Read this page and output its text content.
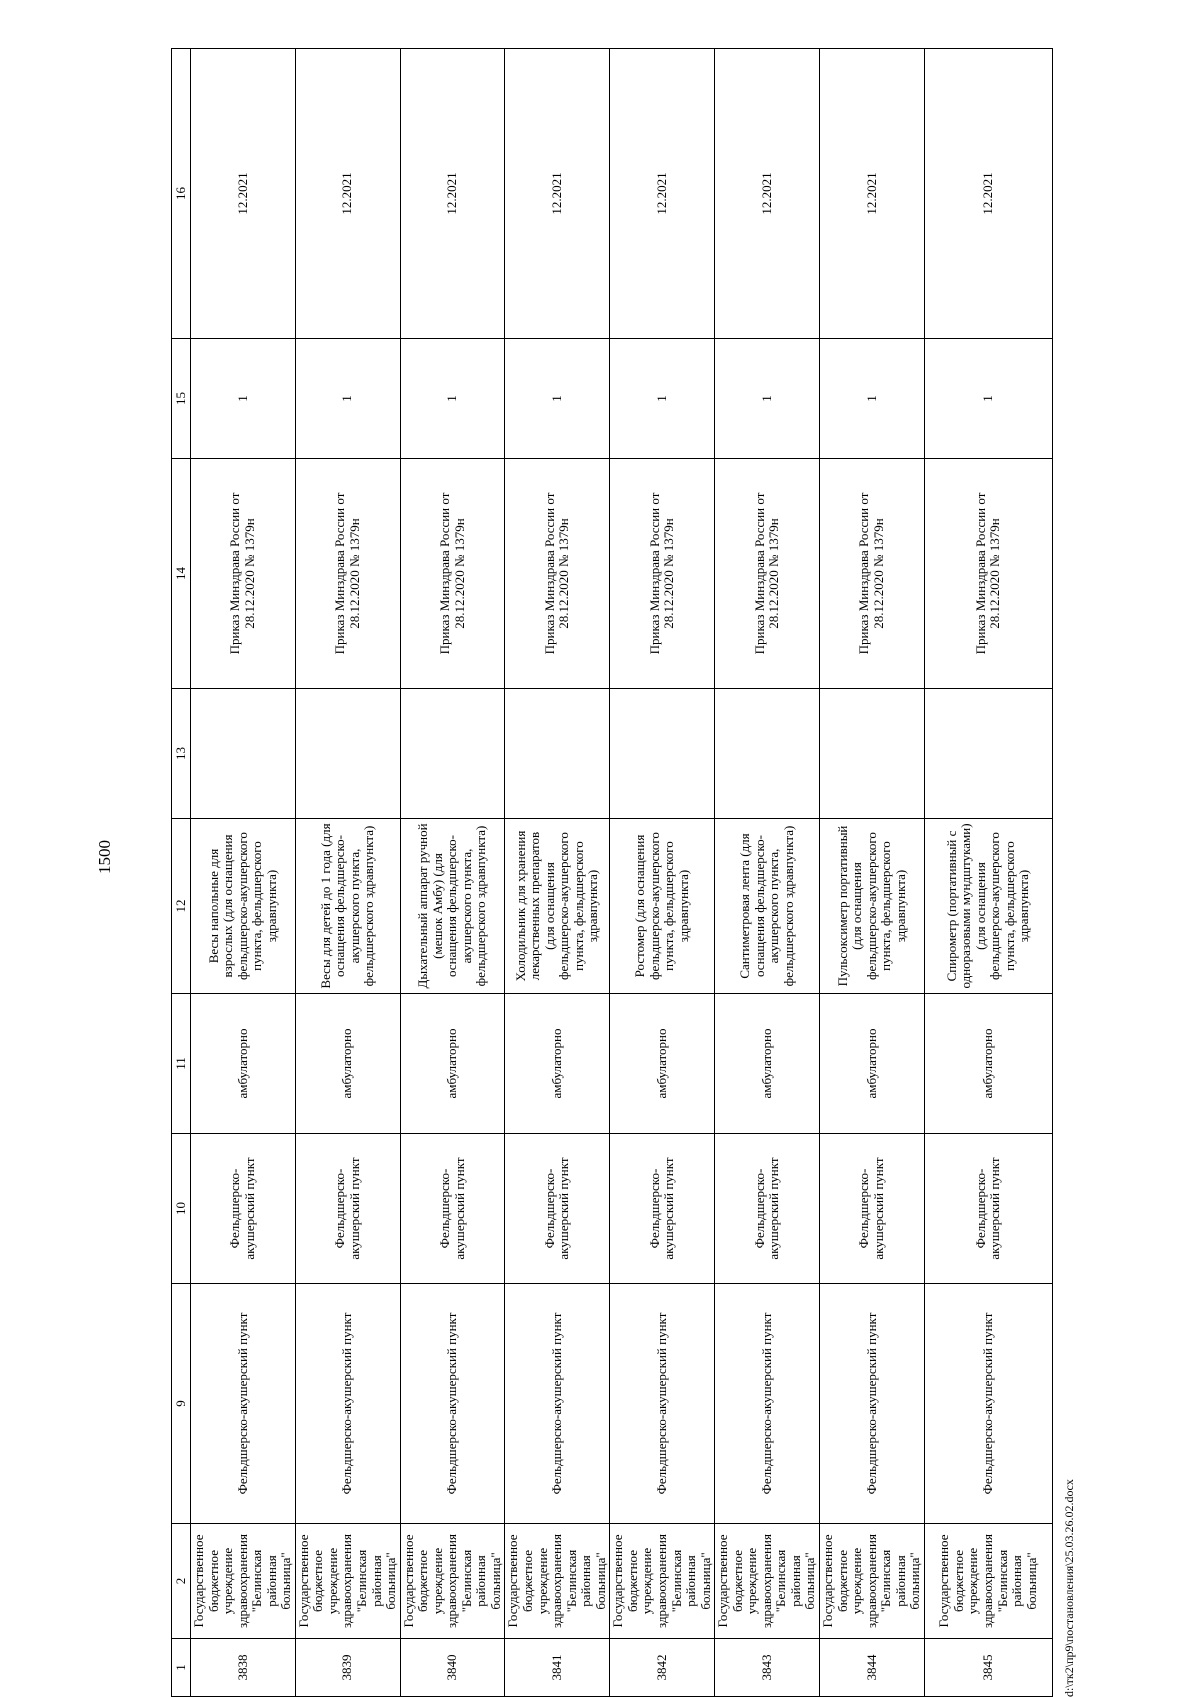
1500
1	2	9	10	11	12	13	14	15	16
3838	Государственное бюджетное учреждение здравоохранения "Белинская районная больница"	Фельдшерско-акушерский пункт	Фельдшерско-акушерский пункт	амбулаторно	Весы напольные для взрослых (для оснащения фельдшерско-акушерского пункта, фельдшерского здравпункта)		Приказ Минздрава России от 28.12.2020 № 1379н	1	12.2021
3839	Государственное бюджетное учреждение здравоохранения "Белинская районная больница"	Фельдшерско-акушерский пункт	Фельдшерско-акушерский пункт	амбулаторно	Весы для детей до 1 года (для оснащения фельдшерско-акушерского пункта, фельдшерского здравпункта)		Приказ Минздрава России от 28.12.2020 № 1379н	1	12.2021
3840	Государственное бюджетное учреждение здравоохранения "Белинская районная больница"	Фельдшерско-акушерский пункт	Фельдшерско-акушерский пункт	амбулаторно	Дыхательный аппарат ручной (мешок Амбу) (для оснащения фельдшерско-акушерского пункта, фельдшерского здравпункта)		Приказ Минздрава России от 28.12.2020 № 1379н	1	12.2021
3841	Государственное бюджетное учреждение здравоохранения "Белинская районная больница"	Фельдшерско-акушерский пункт	Фельдшерско-акушерский пункт	амбулаторно	Холодильник для хранения лекарственных препаратов (для оснащения фельдшерско-акушерского пункта, фельдшерского здравпункта)		Приказ Минздрава России от 28.12.2020 № 1379н	1	12.2021
3842	Государственное бюджетное учреждение здравоохранения "Белинская районная больница"	Фельдшерско-акушерский пункт	Фельдшерско-акушерский пункт	амбулаторно	Ростомер (для оснащения фельдшерско-акушерского пункта, фельдшерского здравпункта)		Приказ Минздрава России от 28.12.2020 № 1379н	1	12.2021
3843	Государственное бюджетное учреждение здравоохранения "Белинская районная больница"	Фельдшерско-акушерский пункт	Фельдшерско-акушерский пункт	амбулаторно	Сантиметровая лента (для оснащения фельдшерско-акушерского пункта, фельдшерского здравпункта)		Приказ Минздрава России от 28.12.2020 № 1379н	1	12.2021
3844	Государственное бюджетное учреждение здравоохранения "Белинская районная больница"	Фельдшерско-акушерский пункт	Фельдшерско-акушерский пункт	амбулаторно	Пульсоксиметр портативный (для оснащения фельдшерско-акушерского пункта, фельдшерского здравпункта)		Приказ Минздрава России от 28.12.2020 № 1379н	1	12.2021
3845	Государственное бюджетное учреждение здравоохранения "Белинская районная больница"	Фельдшерско-акушерский пункт	Фельдшерско-акушерский пункт	амбулаторно	Спирометр (портативный с одноразовыми мундштуками) (для оснащения фельдшерско-акушерского пункта, фельдшерского здравпункта)		Приказ Минздрава России от 28.12.2020 № 1379н	1	12.2021
d:\тк2\пр9\постановления\25.03.26.02.docx
